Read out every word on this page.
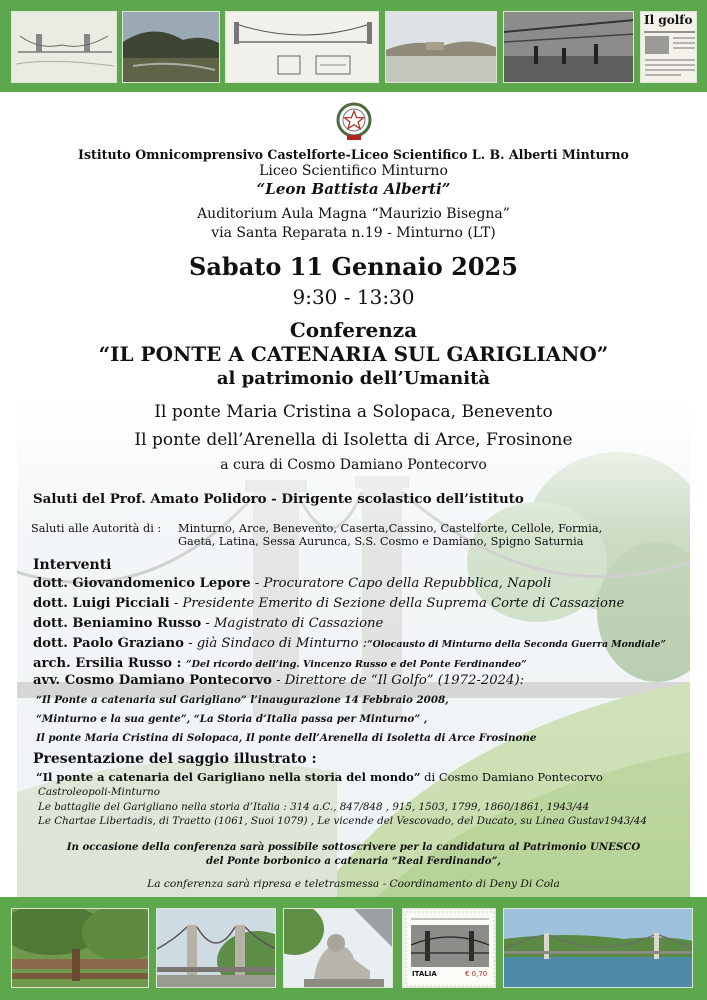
Il golfo
Istituto Omnicomprensivo Castelforte-Liceo Scientifico L. B. Alberti Minturno
Liceo Scientifico Minturno
“Leon Battista Alberti”
Auditorium Aula Magna “Maurizio Bisegna”
via Santa Reparata n.19 - Minturno (LT)
Sabato 11 Gennaio 2025
9:30 - 13:30
Conferenza
“IL PONTE A CATENARIA SUL GARIGLIANO”
al patrimonio dell’Umanità
Il ponte Maria Cristina a Solopaca, Benevento
Il ponte dell’Arenella di Isoletta di Arce, Frosinone
a cura di Cosmo Damiano Pontecorvo
Saluti del Prof. Amato Polidoro - Dirigente scolastico dell’istituto
Saluti alle Autorità di : Minturno, Arce, Benevento, Caserta,Cassino, Castelforte, Cellole, Formia,
Gaeta, Latina, Sessa Aurunca, S.S. Cosmo e Damiano, Spigno Saturnia
Interventi
dott. Giovandomenico Lepore - Procuratore Capo della Repubblica, Napoli
dott. Luigi Picciali - Presidente Emerito di Sezione della Suprema Corte di Cassazione
dott. Beniamino Russo - Magistrato di Cassazione
dott. Paolo Graziano - già Sindaco di Minturno :“Olocausto di Minturno della Seconda Guerra Mondiale”
arch. Ersilia Russo : “Del ricordo dell’ing. Vincenzo Russo e del Ponte Ferdinandeo”
avv. Cosmo Damiano Pontecorvo - Direttore de “Il Golfo” (1972-2024):
“Il Ponte a catenaria sul Garigliano” l’inaugurazione 14 Febbraio 2008,
“Minturno e la sua gente”, “La Storia d’Italia passa per Minturno” ,
Il ponte Maria Cristina di Solopaca, Il ponte dell’Arenella di Isoletta di Arce Frosinone
Presentazione del saggio illustrato :
“Il ponte a catenaria del Garigliano nella storia del mondo” di Cosmo Damiano Pontecorvo
Castroleopoli-Minturno
Le battaglie del Garigliano nella storia d’Italia : 314 a.C., 847/848 , 915, 1503, 1799, 1860/1861, 1943/44
Le Chartae Libertadis, di Traetto (1061, Suoi 1079) , Le vicende del Vescovado, del Ducato, su Linea Gustav1943/44
In occasione della conferenza sarà possibile sottoscrivere per la candidatura al Patrimonio UNESCO
del Ponte borbonico a catenaria “Real Ferdinando”,
La conferenza sarà ripresa e teletrasmessa - Coordinamento di Deny Di Cola
ITALIA	€ 0,70
